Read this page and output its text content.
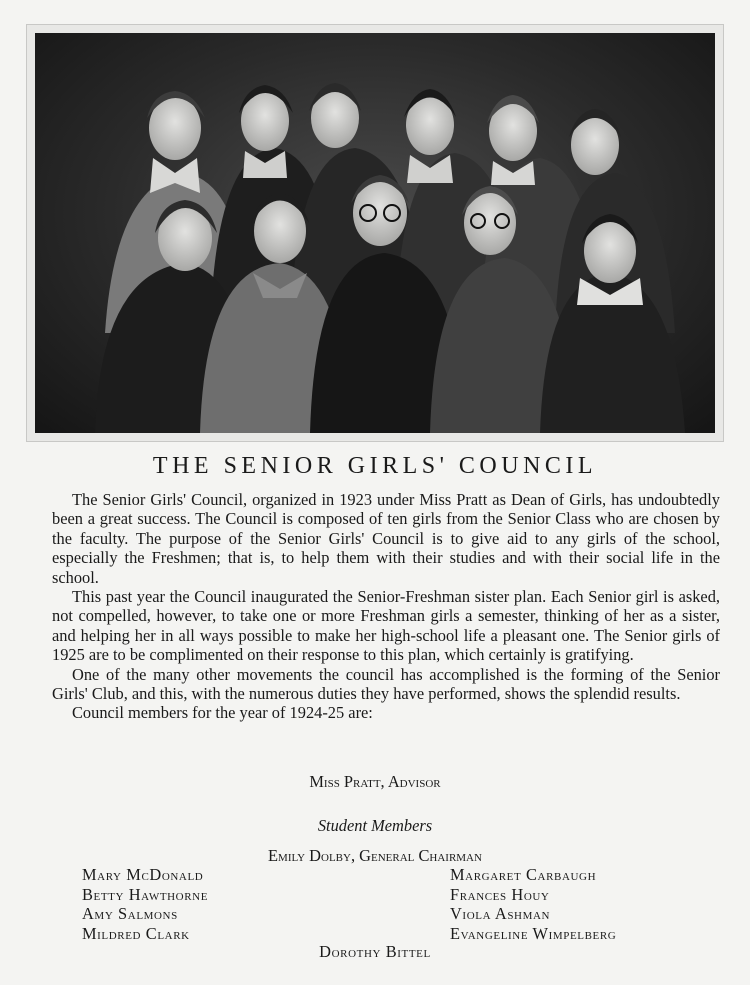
THE SENIOR GIRLS' COUNCIL

The Senior Girls' Council, organized in 1923 under Miss Pratt as Dean of Girls, has undoubtedly been a great success. The Council is composed of ten girls from the Senior Class who are chosen by the faculty. The purpose of the Senior Girls' Council is to give aid to any girls of the school, especially the Freshmen; that is, to help them with their studies and with their social life in the school.

This past year the Council inaugurated the Senior-Freshman sister plan. Each Senior girl is asked, not compelled, however, to take one or more Freshman girls a semester, thinking of her as a sister, and helping her in all ways possible to make her high-school life a pleasant one. The Senior girls of 1925 are to be complimented on their response to this plan, which certainly is gratifying.

One of the many other movements the council has accomplished is the forming of the Senior Girls' Club, and this, with the numerous duties they have performed, shows the splendid results.

Council members for the year of 1924-25 are:

Miss Pratt, Advisor
Student Members
Emily Dolby, General Chairman
Mary McDonald
Betty Hawthorne
Amy Salmons
Mildred Clark
Margaret Carbaugh
Frances Houy
Viola Ashman
Evangeline Wimpelberg
Dorothy Bittel
